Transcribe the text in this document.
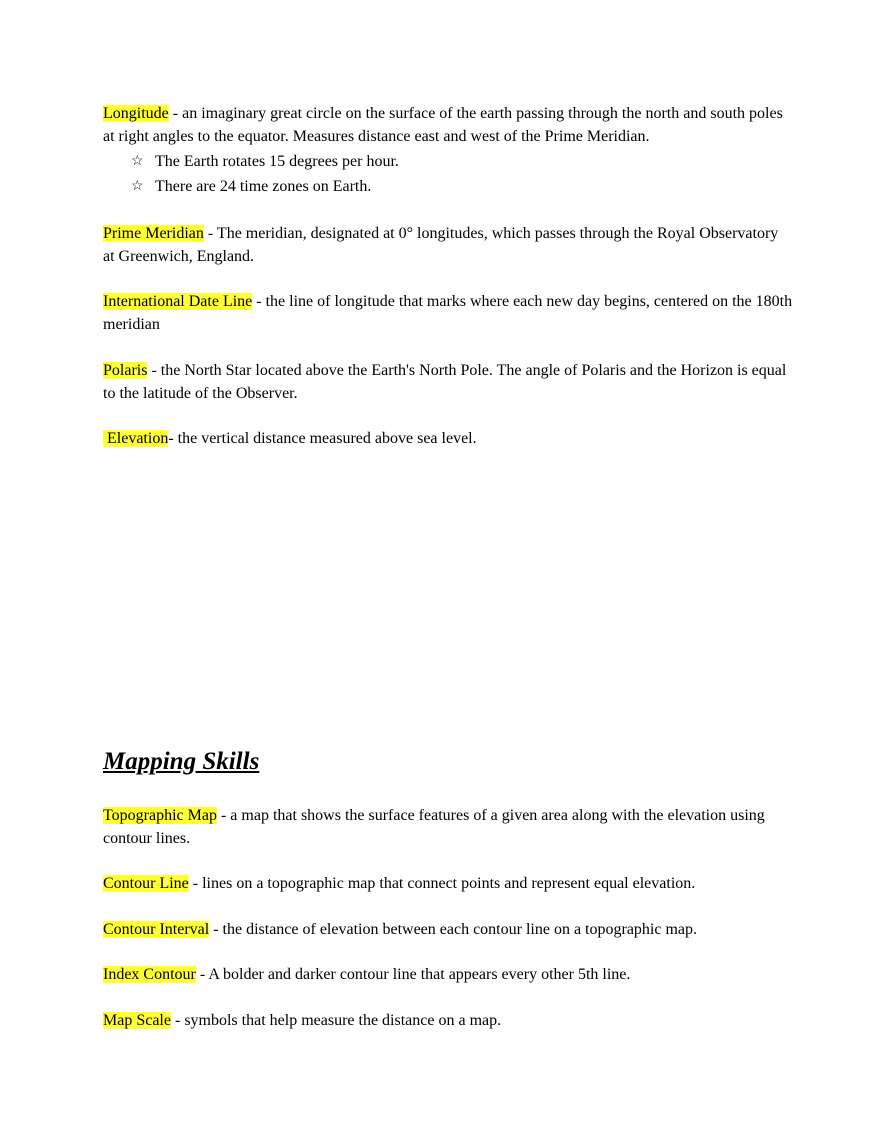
Longitude - an imaginary great circle on the surface of the earth passing through the north and south poles at right angles to the equator. Measures distance east and west of the Prime Meridian.
☆ The Earth rotates 15 degrees per hour.
☆ There are 24 time zones on Earth.
Prime Meridian - The meridian, designated at 0° longitudes, which passes through the Royal Observatory at Greenwich, England.
International Date Line - the line of longitude that marks where each new day begins, centered on the 180th meridian
Polaris - the North Star located above the Earth's North Pole. The angle of Polaris and the Horizon is equal to the latitude of the Observer.
Elevation- the vertical distance measured above sea level.
Mapping Skills
Topographic Map - a map that shows the surface features of a given area along with the elevation using contour lines.
Contour Line - lines on a topographic map that connect points and represent equal elevation.
Contour Interval - the distance of elevation between each contour line on a topographic map.
Index Contour - A bolder and darker contour line that appears every other 5th line.
Map Scale - symbols that help measure the distance on a map.
